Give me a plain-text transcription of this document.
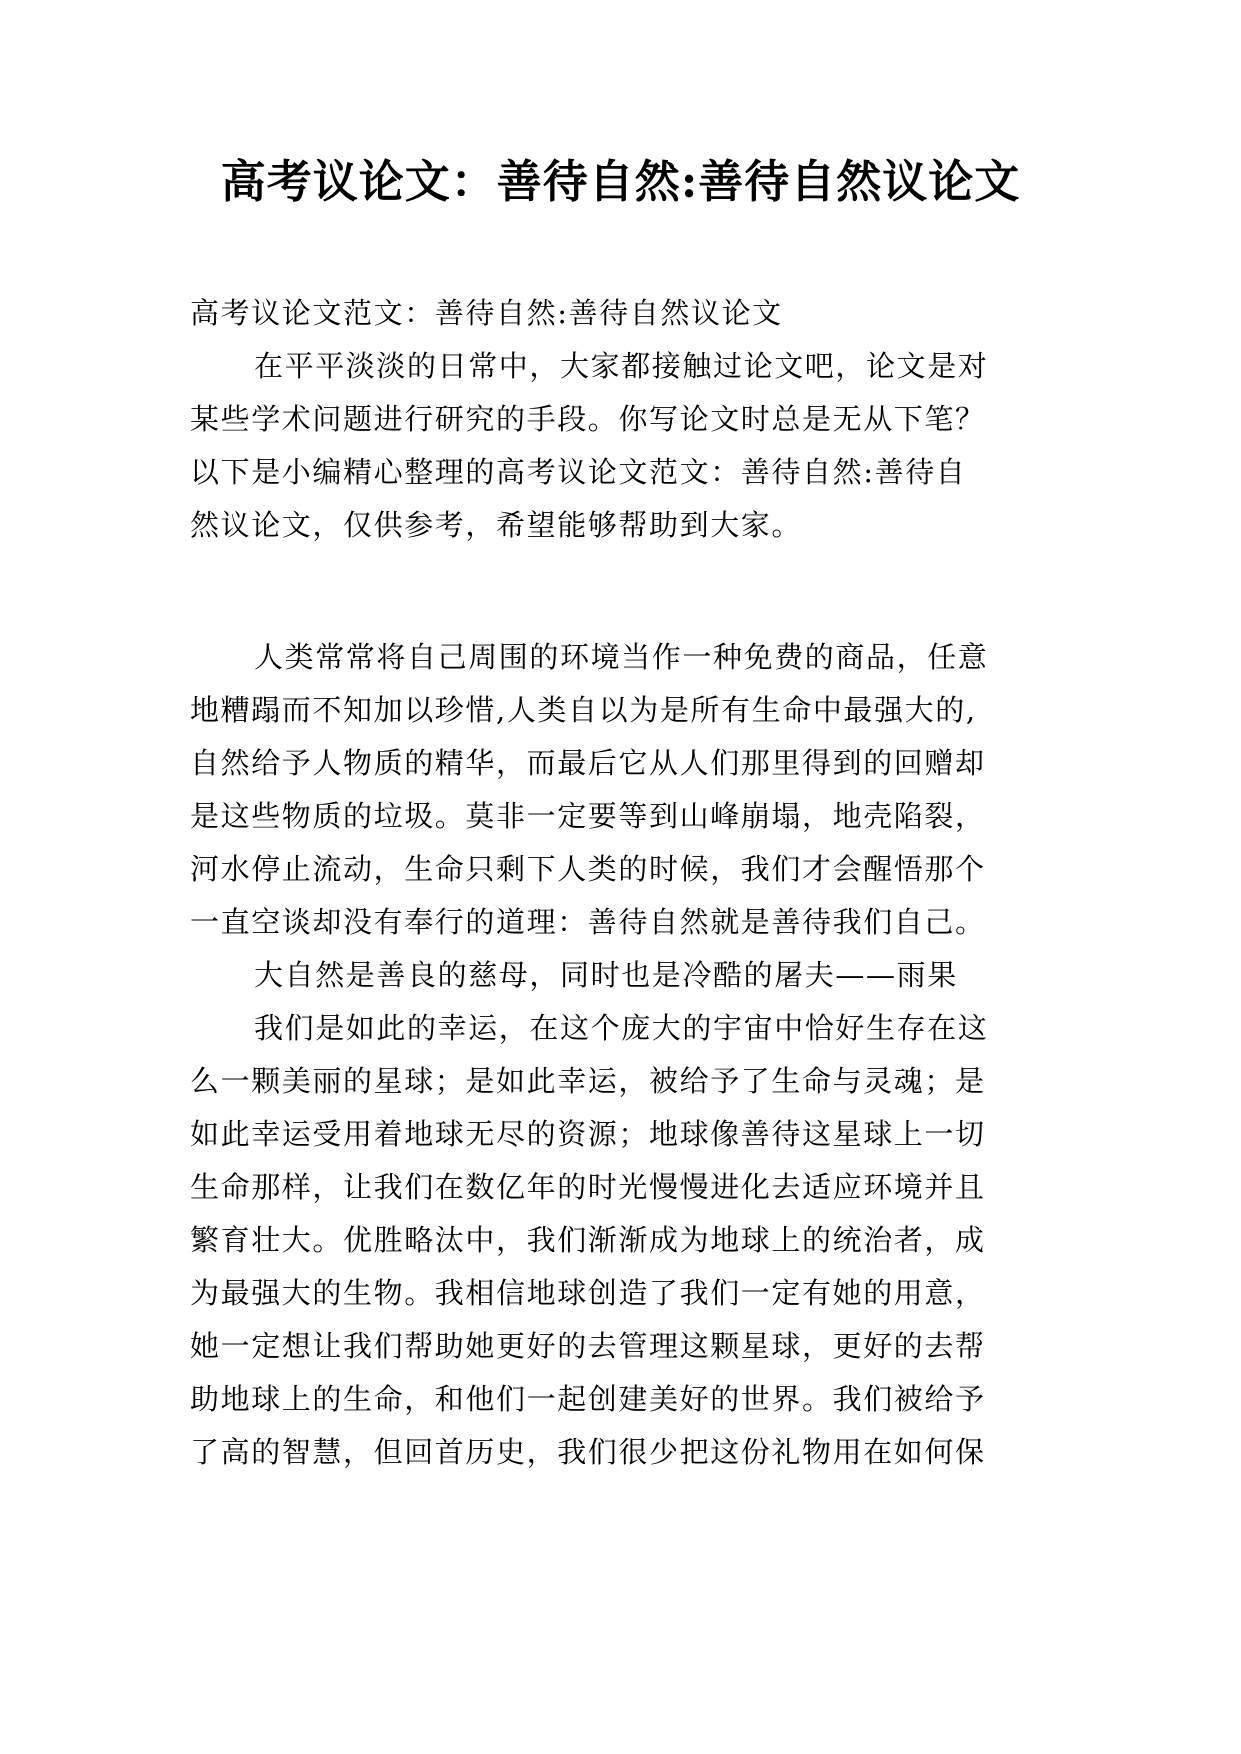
高考议论文：善待自然:善待自然议论文
高考议论文范文：善待自然:善待自然议论文
在平平淡淡的日常中，大家都接触过论文吧，论文是对
某些学术问题进行研究的手段。你写论文时总是无从下笔？
以下是小编精心整理的高考议论文范文：善待自然:善待自
然议论文，仅供参考，希望能够帮助到大家。
人类常常将自己周围的环境当作一种免费的商品，任意
地糟蹋而不知加以珍惜,人类自以为是所有生命中最强大的,
自然给予人物质的精华，而最后它从人们那里得到的回赠却
是这些物质的垃圾。莫非一定要等到山峰崩塌，地壳陷裂，
河水停止流动，生命只剩下人类的时候，我们才会醒悟那个
一直空谈却没有奉行的道理：善待自然就是善待我们自己。
大自然是善良的慈母，同时也是冷酷的屠夫——雨果
我们是如此的幸运，在这个庞大的宇宙中恰好生存在这
么一颗美丽的星球；是如此幸运，被给予了生命与灵魂；是
如此幸运受用着地球无尽的资源；地球像善待这星球上一切
生命那样，让我们在数亿年的时光慢慢进化去适应环境并且
繁育壮大。优胜略汰中，我们渐渐成为地球上的统治者，成
为最强大的生物。我相信地球创造了我们一定有她的用意，
她一定想让我们帮助她更好的去管理这颗星球，更好的去帮
助地球上的生命，和他们一起创建美好的世界。我们被给予
了高的智慧，但回首历史，我们很少把这份礼物用在如何保
